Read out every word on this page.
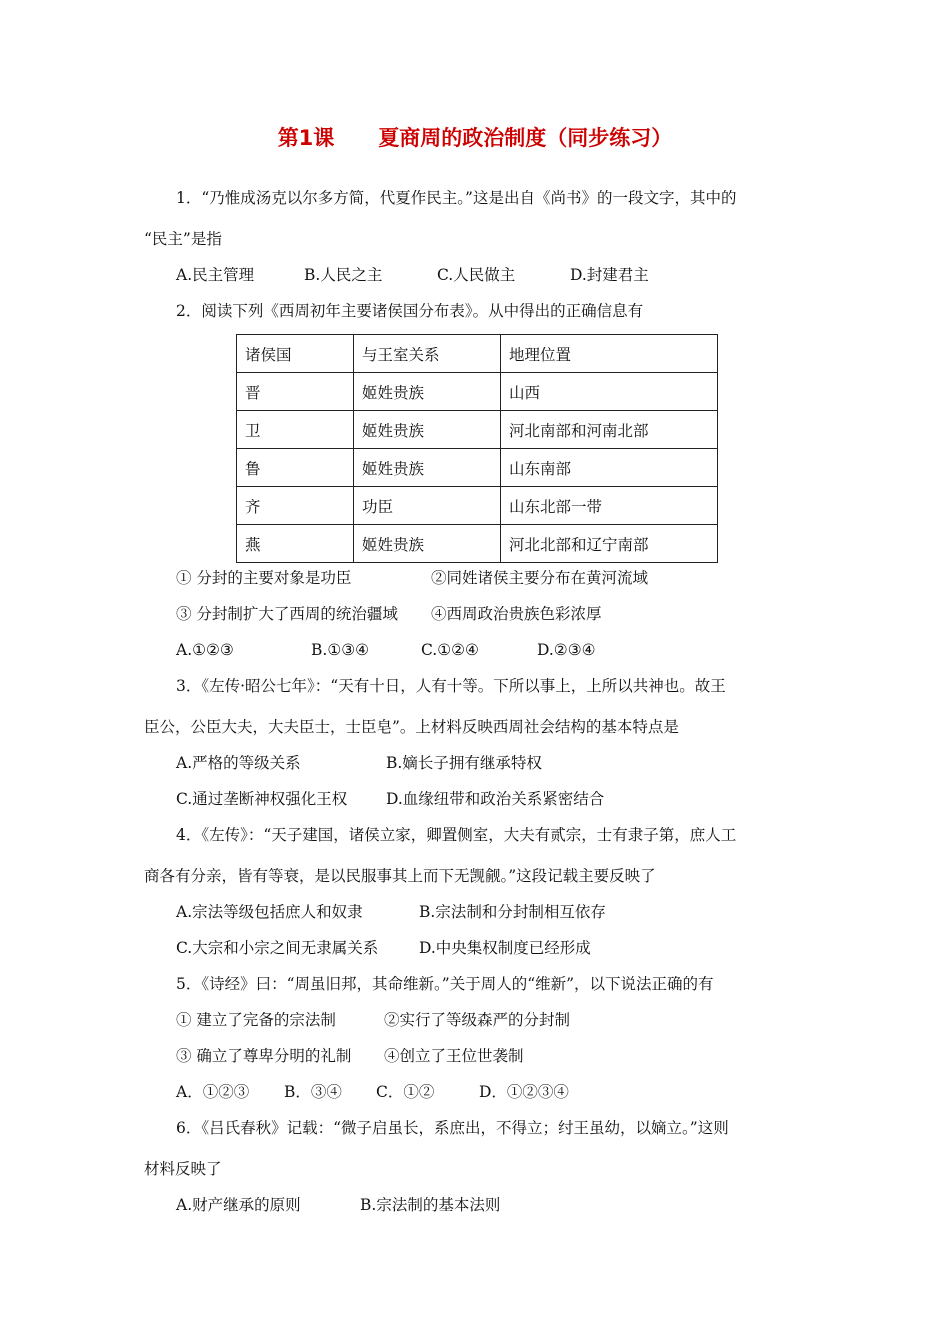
第1课 夏商周的政治制度（同步练习）
1．“乃惟成汤克以尔多方简，代夏作民主。”这是出自《尚书》的一段文字，其中的
“民主”是指
A.民主管理	B.人民之主	C.人民做主	D.封建君主
2．阅读下列《西周初年主要诸侯国分布表》。从中得出的正确信息有
诸侯国	与王室关系	地理位置
晋	姬姓贵族	山西
卫	姬姓贵族	河北南部和河南北部
鲁	姬姓贵族	山东南部
齐	功臣	山东北部一带
燕	姬姓贵族	河北北部和辽宁南部
① 分封的主要对象是功臣	②同姓诸侯主要分布在黄河流域
③ 分封制扩大了西周的统治疆域 ④西周政治贵族色彩浓厚
A.①②③	B.①③④	C.①②④	D.②③④
3．《左传·昭公七年》：“天有十日，人有十等。下所以事上，上所以共神也。故王
臣公，公臣大夫，大夫臣士，士臣皂”。上材料反映西周社会结构的基本特点是
A.严格的等级关系	B.嫡长子拥有继承特权
C.通过垄断神权强化王权	D.血缘纽带和政治关系紧密结合
4．《左传》：“天子建国，诸侯立家，卿置侧室，大夫有贰宗，士有隶子第，庶人工
商各有分亲，皆有等衰，是以民服事其上而下无觊觎。”这段记载主要反映了
A.宗法等级包括庶人和奴隶	B.宗法制和分封制相互依存
C.大宗和小宗之间无隶属关系	D.中央集权制度已经形成
5．《诗经》曰：“周虽旧邦，其命维新。”关于周人的“维新”，以下说法正确的有
① 建立了完备的宗法制	②实行了等级森严的分封制
③ 确立了尊卑分明的礼制 ④创立了王位世袭制
A．①②③ B．③④ C．①②	D．①②③④
6．《吕氏春秋》记载：“微子启虽长，系庶出，不得立；纣王虽幼，以嫡立。”这则
材料反映了
A.财产继承的原则	B.宗法制的基本法则
